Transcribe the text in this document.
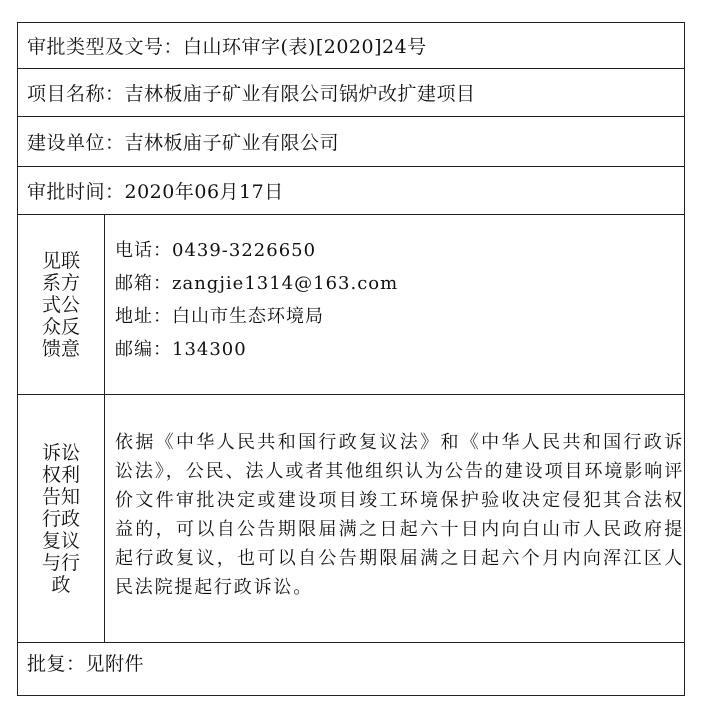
审批类型及文号：白山环审字(表)[2020]24号
项目名称：吉林板庙子矿业有限公司锅炉改扩建项目
建设单位：吉林板庙子矿业有限公司
审批时间：2020年06月17日
见联系方式公众反馈意
电话：0439-3226650
邮箱：zangjie1314@163.com
地址：白山市生态环境局
邮编：134300
诉讼权利告知行政复议与行政
依据《中华人民共和国行政复议法》和《中华人民共和国行政诉讼法》，公民、法人或者其他组织认为公告的建设项目环境影响评价文件审批决定或建设项目竣工环境保护验收决定侵犯其合法权益的，可以自公告期限届满之日起六十日内向白山市人民政府提起行政复议，也可以自公告期限届满之日起六个月内向浑江区人民法院提起行政诉讼。
批复：见附件
